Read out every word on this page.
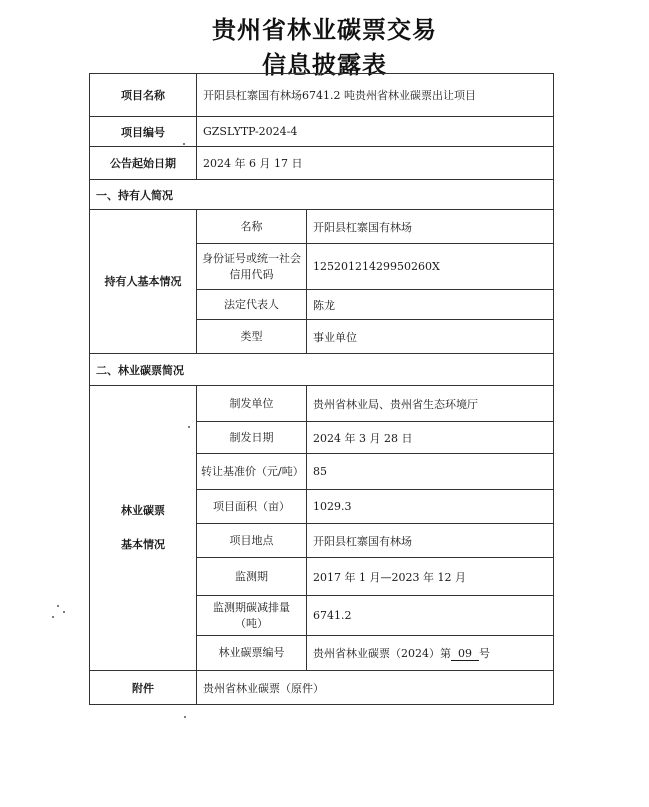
贵州省林业碳票交易
信息披露表
项目名称	开阳县杠寨国有林场6741.2 吨贵州省林业碳票出让项目	
项目编号	GZSLYTP-2024-4	
公告起始日期	2024 年 6 月 17 日	
一、持有人简况		
持有人基本情况	名称	开阳县杠寨国有林场
	身份证号或统一社会信用代码	12520121429950260X
	法定代表人	陈龙
	类型	事业单位
二、林业碳票简况		

林业碳票
基本情况	制发单位	贵州省林业局、贵州省生态环境厅
	制发日期	2024 年 3 月 28 日
	转让基准价（元/吨）	85
	项目面积（亩）	1029.3
	项目地点	开阳县杠寨国有林场
	监测期	2017 年 1 月—2023 年 12 月
	监测期碳减排量（吨）	6741.2
	林业碳票编号	贵州省林业碳票（2024）第 09 号
附件	贵州省林业碳票（原件）	
